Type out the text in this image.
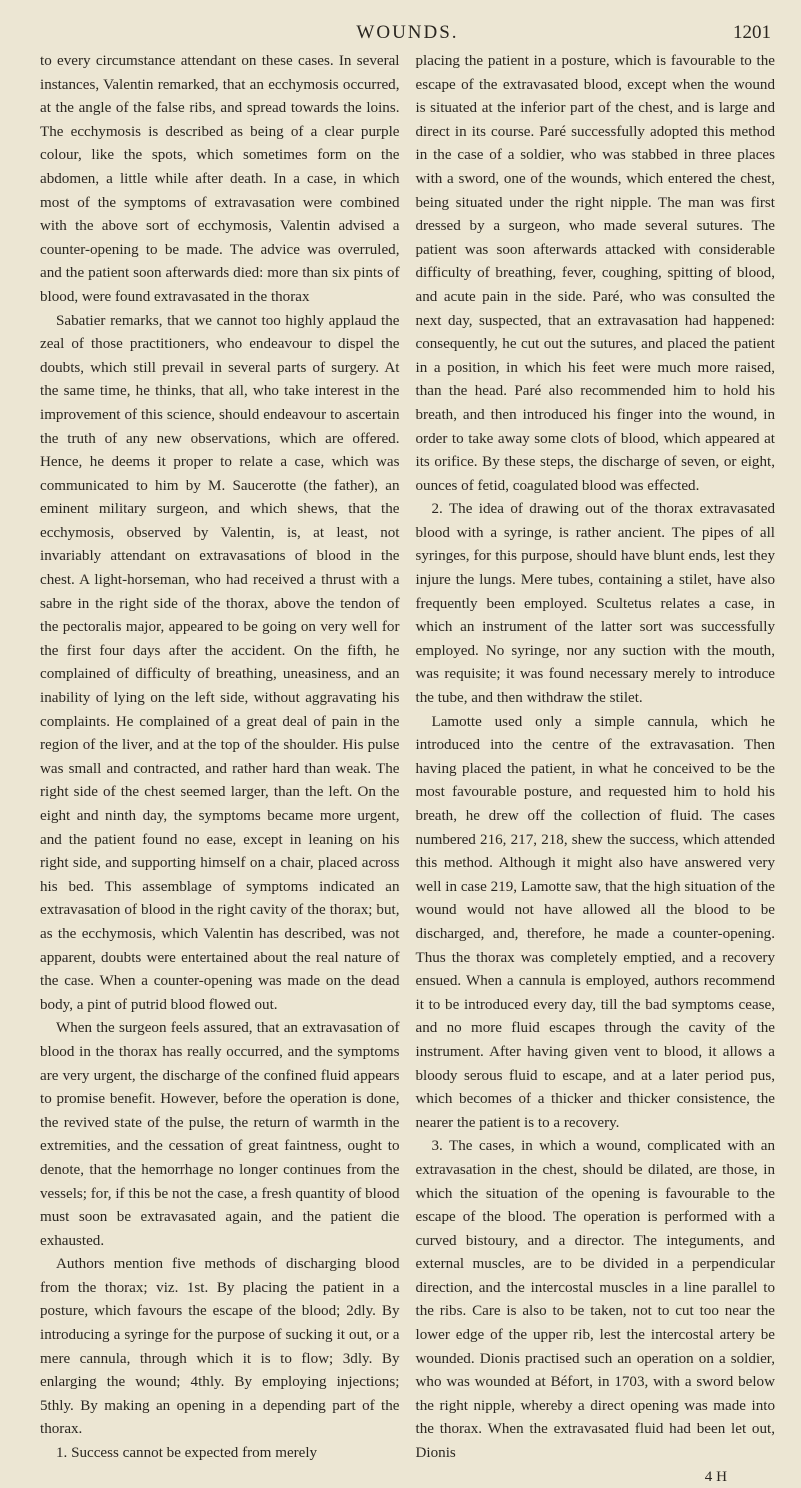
WOUNDS.	1201

to every circumstance attendant on these cases. In several instances, Valentin remarked, that an ecchymosis occurred, at the angle of the false ribs, and spread towards the loins. The ecchymosis is described as being of a clear purple colour, like the spots, which sometimes form on the abdomen, a little while after death. In a case, in which most of the symptoms of extravasation were combined with the above sort of ecchymosis, Valentin advised a counter-opening to be made. The advice was overruled, and the patient soon afterwards died: more than six pints of blood, were found extravasated in the thorax

Sabatier remarks, that we cannot too highly applaud the zeal of those practitioners, who endeavour to dispel the doubts, which still prevail in several parts of surgery. At the same time, he thinks, that all, who take interest in the improvement of this science, should endeavour to ascertain the truth of any new observations, which are offered. Hence, he deems it proper to relate a case, which was communicated to him by M. Saucerotte (the father), an eminent military surgeon, and which shews, that the ecchymosis, observed by Valentin, is, at least, not invariably attendant on extravasations of blood in the chest. A light-horseman, who had received a thrust with a sabre in the right side of the thorax, above the tendon of the pectoralis major, appeared to be going on very well for the first four days after the accident. On the fifth, he complained of difficulty of breathing, uneasiness, and an inability of lying on the left side, without aggravating his complaints. He complained of a great deal of pain in the region of the liver, and at the top of the shoulder. His pulse was small and contracted, and rather hard than weak. The right side of the chest seemed larger, than the left. On the eight and ninth day, the symptoms became more urgent, and the patient found no ease, except in leaning on his right side, and supporting himself on a chair, placed across his bed. This assemblage of symptoms indicated an extravasation of blood in the right cavity of the thorax; but, as the ecchymosis, which Valentin has described, was not apparent, doubts were entertained about the real nature of the case. When a counter-opening was made on the dead body, a pint of putrid blood flowed out.

When the surgeon feels assured, that an extravasation of blood in the thorax has really occurred, and the symptoms are very urgent, the discharge of the confined fluid appears to promise benefit. However, before the operation is done, the revived state of the pulse, the return of warmth in the extremities, and the cessation of great faintness, ought to denote, that the hemorrhage no longer continues from the vessels; for, if this be not the case, a fresh quantity of blood must soon be extravasated again, and the patient die exhausted.

Authors mention five methods of discharging blood from the thorax; viz. 1st. By placing the patient in a posture, which favours the escape of the blood; 2dly. By introducing a syringe for the purpose of sucking it out, or a mere cannula, through which it is to flow; 3dly. By enlarging the wound; 4thly. By employing injections; 5thly. By making an opening in a depending part of the thorax.

1. Success cannot be expected from merely

placing the patient in a posture, which is favourable to the escape of the extravasated blood, except when the wound is situated at the inferior part of the chest, and is large and direct in its course. Paré successfully adopted this method in the case of a soldier, who was stabbed in three places with a sword, one of the wounds, which entered the chest, being situated under the right nipple. The man was first dressed by a surgeon, who made several sutures. The patient was soon afterwards attacked with considerable difficulty of breathing, fever, coughing, spitting of blood, and acute pain in the side. Paré, who was consulted the next day, suspected, that an extravasation had happened: consequently, he cut out the sutures, and placed the patient in a position, in which his feet were much more raised, than the head. Paré also recommended him to hold his breath, and then introduced his finger into the wound, in order to take away some clots of blood, which appeared at its orifice. By these steps, the discharge of seven, or eight, ounces of fetid, coagulated blood was effected.

2. The idea of drawing out of the thorax extravasated blood with a syringe, is rather ancient. The pipes of all syringes, for this purpose, should have blunt ends, lest they injure the lungs. Mere tubes, containing a stilet, have also frequently been employed. Scultetus relates a case, in which an instrument of the latter sort was successfully employed. No syringe, nor any suction with the mouth, was requisite; it was found necessary merely to introduce the tube, and then withdraw the stilet.

Lamotte used only a simple cannula, which he introduced into the centre of the extravasation. Then having placed the patient, in what he conceived to be the most favourable posture, and requested him to hold his breath, he drew off the collection of fluid. The cases numbered 216, 217, 218, shew the success, which attended this method. Although it might also have answered very well in case 219, Lamotte saw, that the high situation of the wound would not have allowed all the blood to be discharged, and, therefore, he made a counter-opening. Thus the thorax was completely emptied, and a recovery ensued. When a cannula is employed, authors recommend it to be introduced every day, till the bad symptoms cease, and no more fluid escapes through the cavity of the instrument. After having given vent to blood, it allows a bloody serous fluid to escape, and at a later period pus, which becomes of a thicker and thicker consistence, the nearer the patient is to a recovery.

3. The cases, in which a wound, complicated with an extravasation in the chest, should be dilated, are those, in which the situation of the opening is favourable to the escape of the blood. The operation is performed with a curved bistoury, and a director. The integuments, and external muscles, are to be divided in a perpendicular direction, and the intercostal muscles in a line parallel to the ribs. Care is also to be taken, not to cut too near the lower edge of the upper rib, lest the intercostal artery be wounded. Dionis practised such an operation on a soldier, who was wounded at Béfort, in 1703, with a sword below the right nipple, whereby a direct opening was made into the thorax. When the extravasated fluid had been let out, Dionis

4 H
